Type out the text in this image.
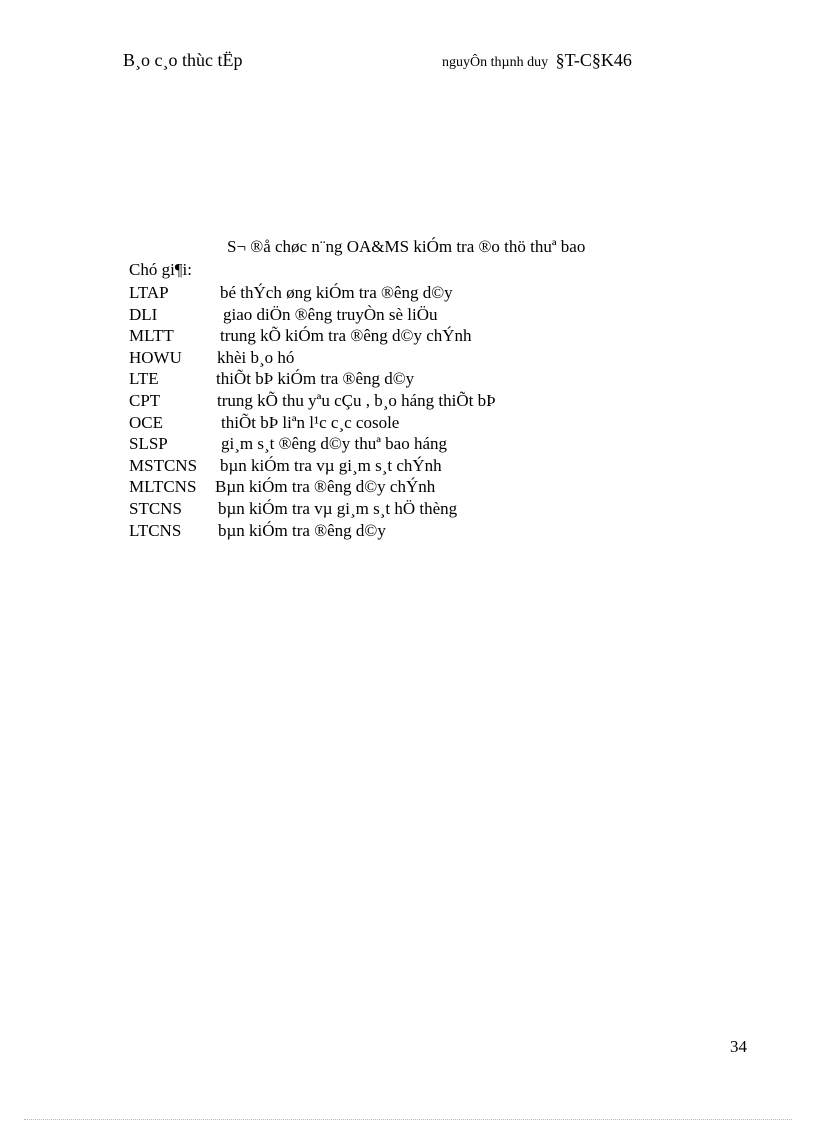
B¸o c¸o thùc tËp	nguyÔn thµnh duy §T-C§K46
S¬ ®å chøc n¨ng OA&MS kiÓm tra ®o thö thuª bao
Chó gi¶i:
LTAP	bé thÝch øng kiÓm tra ®êng d©y
DLI	giao diÖn ®êng truyÒn sè liÖu
MLTT	trung kÕ kiÓm tra ®êng d©y chÝnh
HOWU khèi b¸o hó
LTE	thiÕt bÞ kiÓm tra ®êng d©y
CPT	trung kÕ thu yªu cÇu , b¸o háng thiÕt bÞ
OCE	thiÕt bÞ liªn l¹c c¸c cosole
SLSP	gi¸m s¸t ®êng d©y thuª bao háng
MSTCNS bµn kiÓm tra vµ gi¸m s¸t chÝnh
MLTCNS Bµn kiÓm tra ®êng d©y chÝnh
STCNS bµn kiÓm tra vµ gi¸m s¸t hÖ thèng
LTCNS bµn kiÓm tra ®êng d©y
34
